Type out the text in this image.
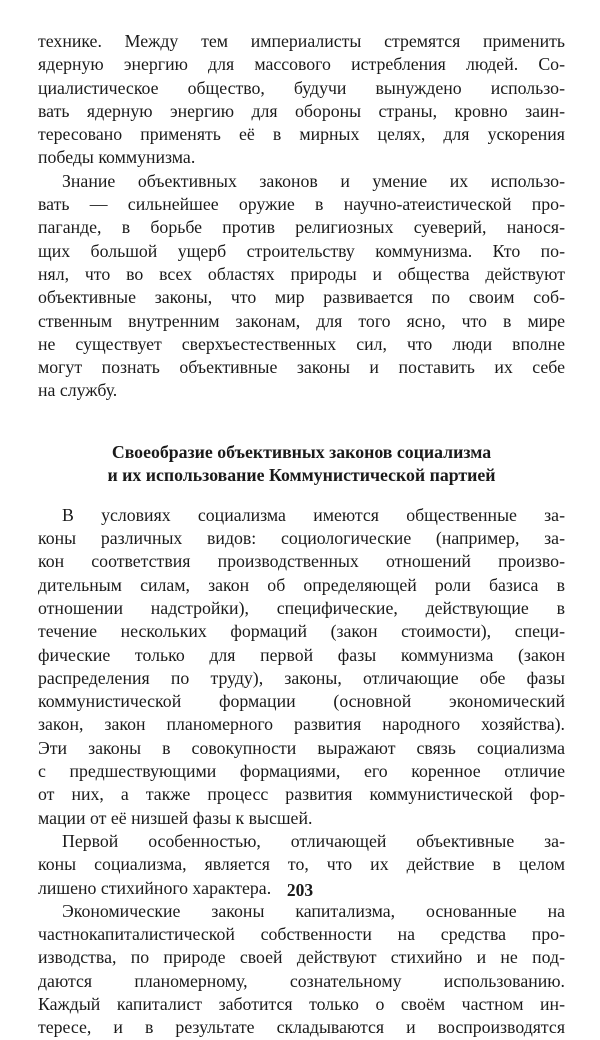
технике. Между тем империалисты стремятся применить
ядерную энергию для массового истребления людей. Со-
циалистическое общество, будучи вынуждено использо-
вать ядерную энергию для обороны страны, кровно заин-
тересовано применять её в мирных целях, для ускорения
победы коммунизма.
Знание объективных законов и умение их использо-
вать — сильнейшее оружие в научно-атеистической про-
паганде, в борьбе против религиозных суеверий, нанося-
щих большой ущерб строительству коммунизма. Кто по-
нял, что во всех областях природы и общества действуют
объективные законы, что мир развивается по своим соб-
ственным внутренним законам, для того ясно, что в мире
не существует сверхъестественных сил, что люди вполне
могут познать объективные законы и поставить их себе
на службу.
Своеобразие объективных законов социализма
и их использование Коммунистической партией
В условиях социализма имеются общественные за-
коны различных видов: социологические (например, за-
кон соответствия производственных отношений произво-
дительным силам, закон об определяющей роли базиса в
отношении надстройки), специфические, действующие в
течение нескольких формаций (закон стоимости), специ-
фические только для первой фазы коммунизма (закон
распределения по труду), законы, отличающие обе фазы
коммунистической формации (основной экономический
закон, закон планомерного развития народного хозяйства).
Эти законы в совокупности выражают связь социализма
с предшествующими формациями, его коренное отличие
от них, а также процесс развития коммунистической фор-
мации от её низшей фазы к высшей.
Первой особенностью, отличающей объективные за-
коны социализма, является то, что их действие в целом
лишено стихийного характера.
Экономические законы капитализма, основанные на
частнокапиталистической собственности на средства про-
изводства, по природе своей действуют стихийно и не под-
даются планомерному, сознательному использованию.
Каждый капиталист заботится только о своём частном ин-
тересе, и в результате складываются и воспроизводятся
203
